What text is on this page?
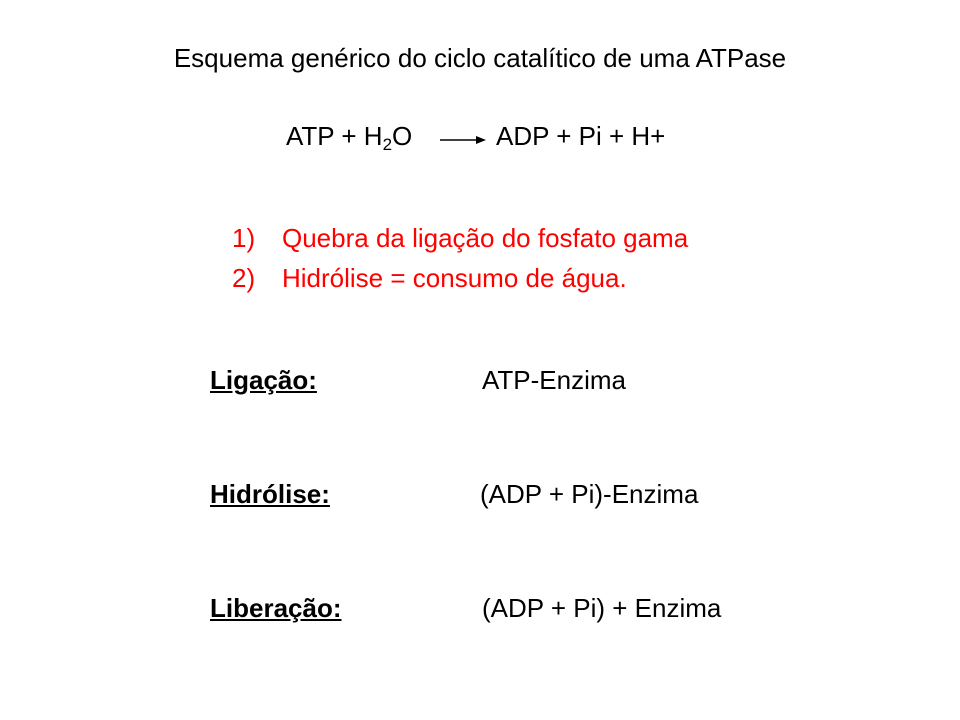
Esquema genérico do ciclo catalítico de uma ATPase
ATP + $H_2O$ → ADP + Pi + H+
1) Quebra da ligação do fosfato gama
2) Hidrólise = consumo de água.
Ligação:	ATP-Enzima
Hidrólise:	(ADP + Pi)-Enzima
Liberação:	(ADP + Pi) + Enzima
